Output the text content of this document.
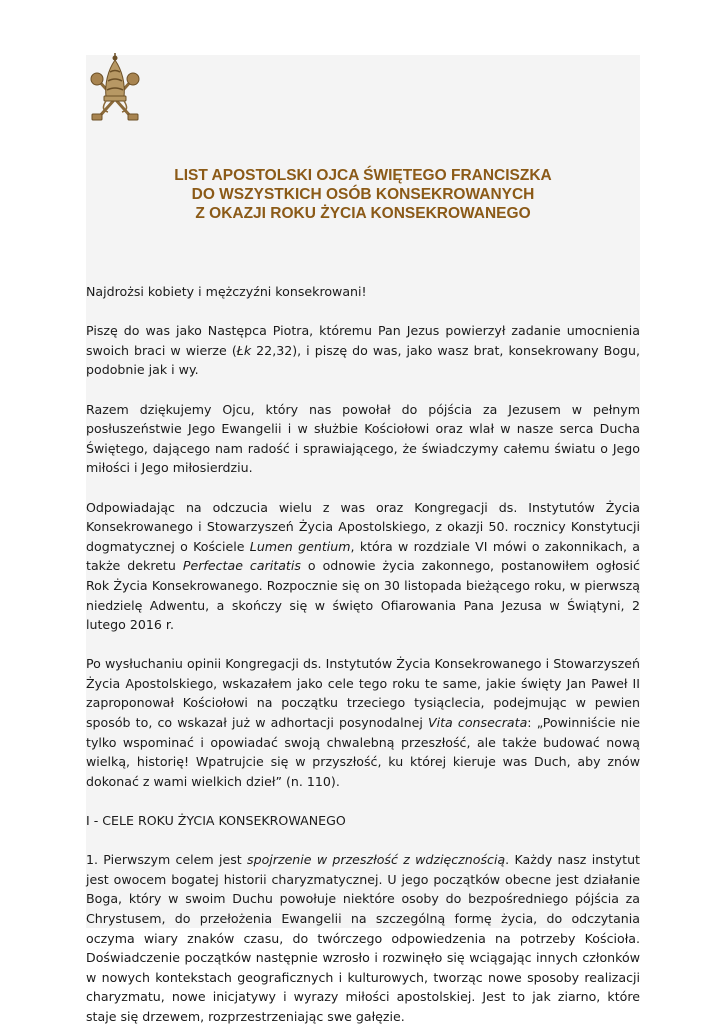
LIST APOSTOLSKI OJCA ŚWIĘTEGO FRANCISZKA
DO WSZYSTKICH OSÓB KONSEKROWANYCH
Z OKAZJI ROKU ŻYCIA KONSEKROWANEGO

Najdrożsi kobiety i mężczyźni konsekrowani!

Piszę do was jako Następca Piotra, któremu Pan Jezus powierzył zadanie umocnienia swoich braci w wierze (Łk 22,32), i piszę do was, jako wasz brat, konsekrowany Bogu, podobnie jak i wy.

Razem dziękujemy Ojcu, który nas powołał do pójścia za Jezusem w pełnym posłuszeństwie Jego Ewangelii i w służbie Kościołowi oraz wlał w nasze serca Ducha Świętego, dającego nam radość i sprawiającego, że świadczymy całemu światu o Jego miłości i Jego miłosierdziu.

Odpowiadając na odczucia wielu z was oraz Kongregacji ds. Instytutów Życia Konsekrowanego i Stowarzyszeń Życia Apostolskiego, z okazji 50. rocznicy Konstytucji dogmatycznej o Kościele Lumen gentium, która w rozdziale VI mówi o zakonnikach, a także dekretu Perfectae caritatis o odnowie życia zakonnego, postanowiłem ogłosić Rok Życia Konsekrowanego. Rozpocznie się on 30 listopada bieżącego roku, w pierwszą niedzielę Adwentu, a skończy się w święto Ofiarowania Pana Jezusa w Świątyni, 2 lutego 2016 r.

Po wysłuchaniu opinii Kongregacji ds. Instytutów Życia Konsekrowanego i Stowarzyszeń Życia Apostolskiego, wskazałem jako cele tego roku te same, jakie święty Jan Paweł II zaproponował Kościołowi na początku trzeciego tysiąclecia, podejmując w pewien sposób to, co wskazał już w adhortacji posynodalnej Vita consecrata: „Powinniście nie tylko wspominać i opowiadać swoją chwalebną przeszłość, ale także budować nową wielką, historię! Wpatrujcie się w przyszłość, ku której kieruje was Duch, aby znów dokonać z wami wielkich dzieł” (n. 110).

I - CELE ROKU ŻYCIA KONSEKROWANEGO

1. Pierwszym celem jest spojrzenie w przeszłość z wdzięcznością. Każdy nasz instytut jest owocem bogatej historii charyzmatycznej. U jego początków obecne jest działanie Boga, który w swoim Duchu powołuje niektóre osoby do bezpośredniego pójścia za Chrystusem, do przełożenia Ewangelii na szczególną formę życia, do odczytania oczyma wiary znaków czasu, do twórczego odpowiedzenia na potrzeby Kościoła. Doświadczenie początków następnie wzrosło i rozwinęło się wciągając innych członków w nowych kontekstach geograficznych i kulturowych, tworząc nowe sposoby realizacji charyzmatu, nowe inicjatywy i wyrazy miłości apostolskiej. Jest to jak ziarno, które staje się drzewem, rozprzestrzeniając swe gałęzie.
